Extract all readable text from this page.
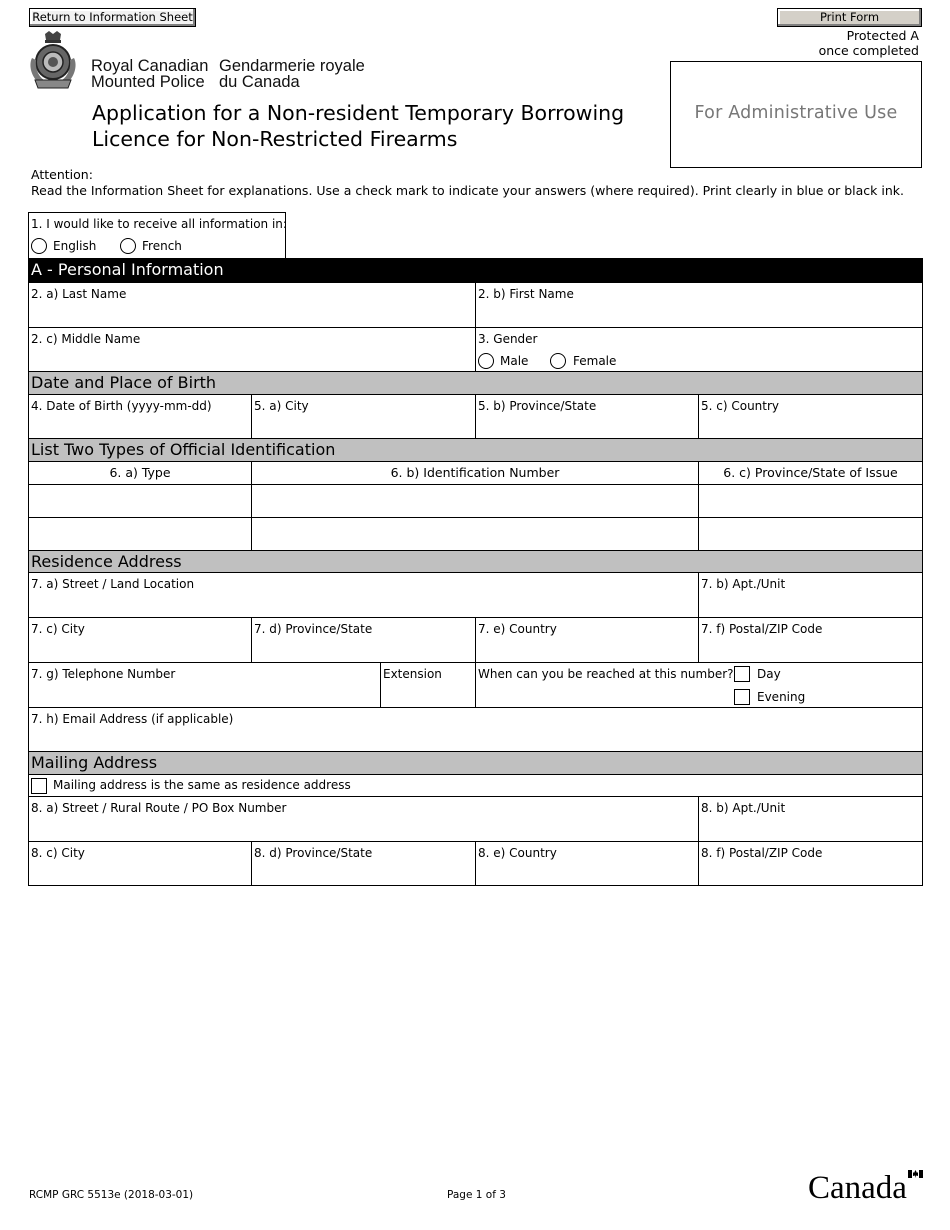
Return to Information Sheet	Print Form
Protected A
once completed
Royal Canadian
Mounted Police
Gendarmerie royale
du Canada
Application for a Non-resident Temporary Borrowing
Licence for Non-Restricted Firearms
For Administrative Use
Attention:
Read the Information Sheet for explanations. Use a check mark to indicate your answers (where required). Print clearly in blue or black ink.
1. I would like to receive all information in:
English	French
A - Personal Information
2. a) Last Name	2. b) First Name
2. c) Middle Name	3. Gender
Male	Female
Date and Place of Birth
4. Date of Birth (yyyy-mm-dd)	5. a) City	5. b) Province/State	5. c) Country
List Two Types of Official Identification
6. a) Type	6. b) Identification Number	6. c) Province/State of Issue
Residence Address
7. a) Street / Land Location	7. b) Apt./Unit
7. c) City	7. d) Province/State	7. e) Country	7. f) Postal/ZIP Code
7. g) Telephone Number	Extension	When can you be reached at this number? Day
Evening
7. h) Email Address (if applicable)
Mailing Address
Mailing address is the same as residence address
8. a) Street / Rural Route / PO Box Number	8. b) Apt./Unit
8. c) City	8. d) Province/State	8. e) Country	8. f) Postal/ZIP Code
RCMP GRC 5513e (2018-03-01)	Page 1 of 3	Canada
